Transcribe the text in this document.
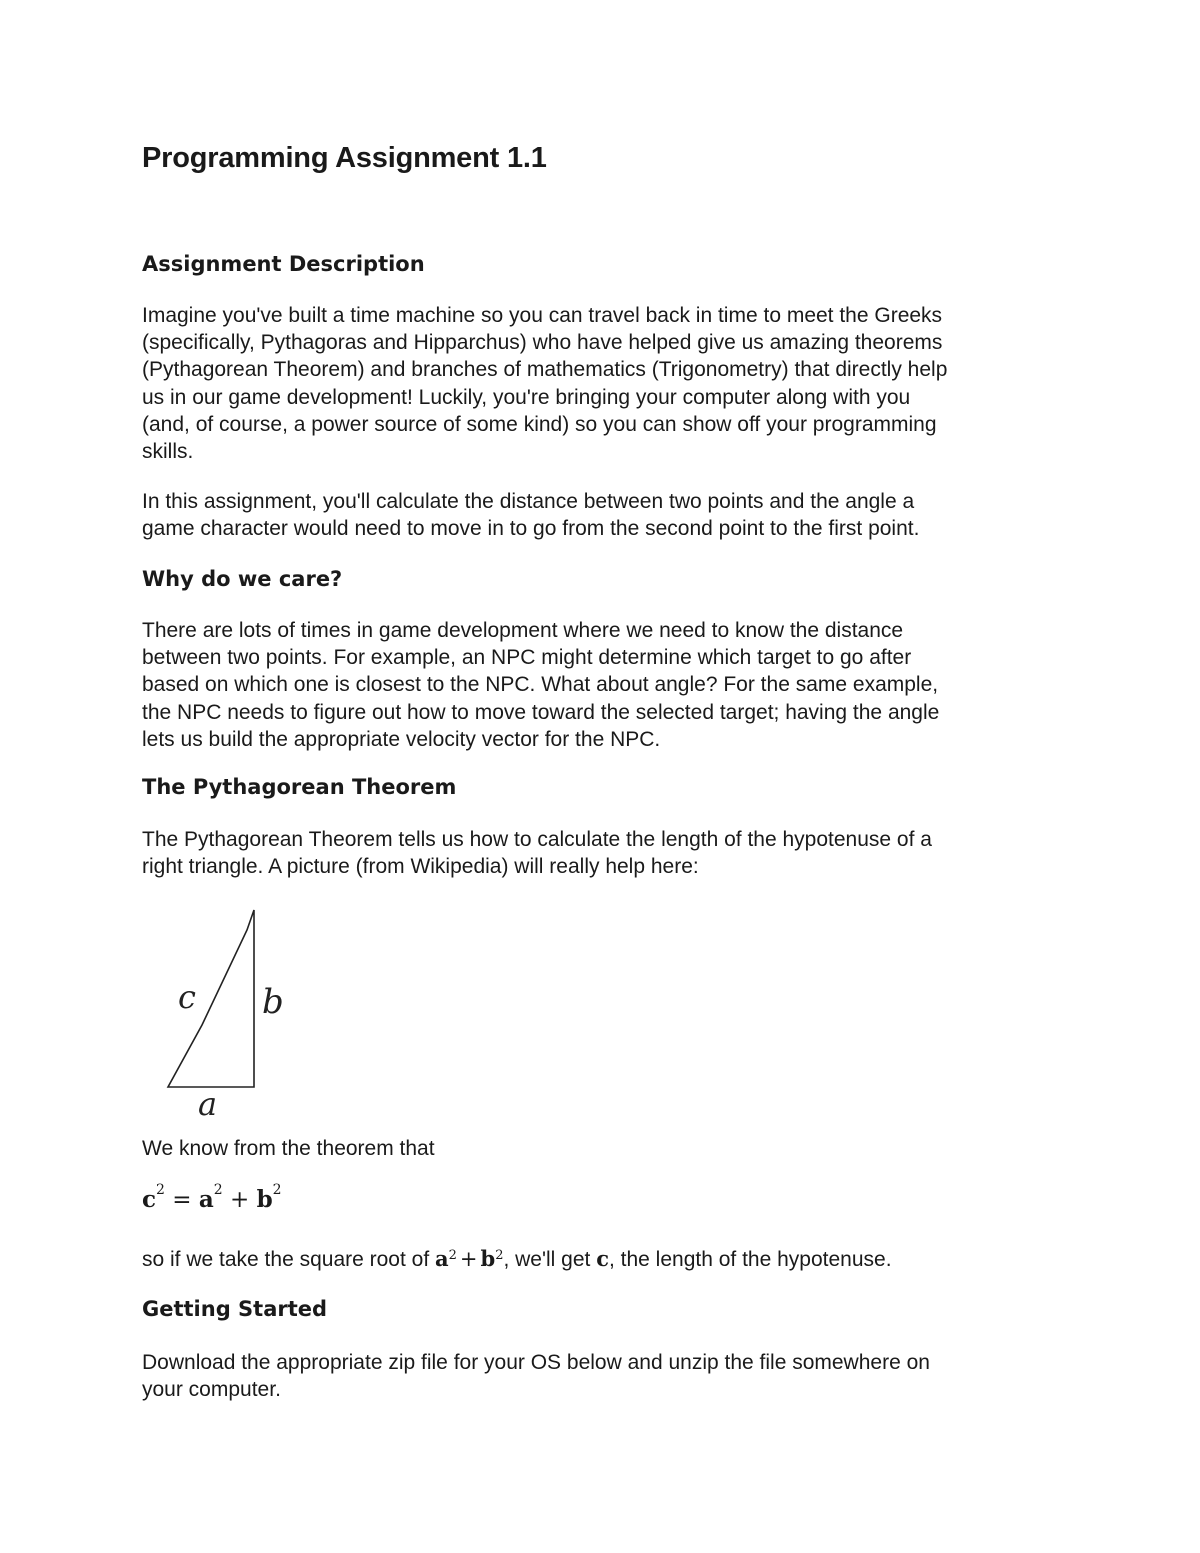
Programming Assignment 1.1
Assignment Description

Imagine you've built a time machine so you can travel back in time to meet the Greeks
(specifically, Pythagoras and Hipparchus) who have helped give us amazing theorems
(Pythagorean Theorem) and branches of mathematics (Trigonometry) that directly help
us in our game development! Luckily, you're bringing your computer along with you
(and, of course, a power source of some kind) so you can show off your programming
skills.

In this assignment, you'll calculate the distance between two points and the angle a
game character would need to move in to go from the second point to the first point.

Why do we care?

There are lots of times in game development where we need to know the distance
between two points. For example, an NPC might determine which target to go after
based on which one is closest to the NPC. What about angle? For the same example,
the NPC needs to figure out how to move toward the selected target; having the angle
lets us build the appropriate velocity vector for the NPC.

The Pythagorean Theorem

The Pythagorean Theorem tells us how to calculate the length of the hypotenuse of a
right triangle. A picture (from Wikipedia) will really help here:

c b
a

We know from the theorem that

$c^2 = a^2 + b^2$

so if we take the square root of $a^2 + b^2$, we'll get c, the length of the hypotenuse.

Getting Started

Download the appropriate zip file for your OS below and unzip the file somewhere on
your computer.
